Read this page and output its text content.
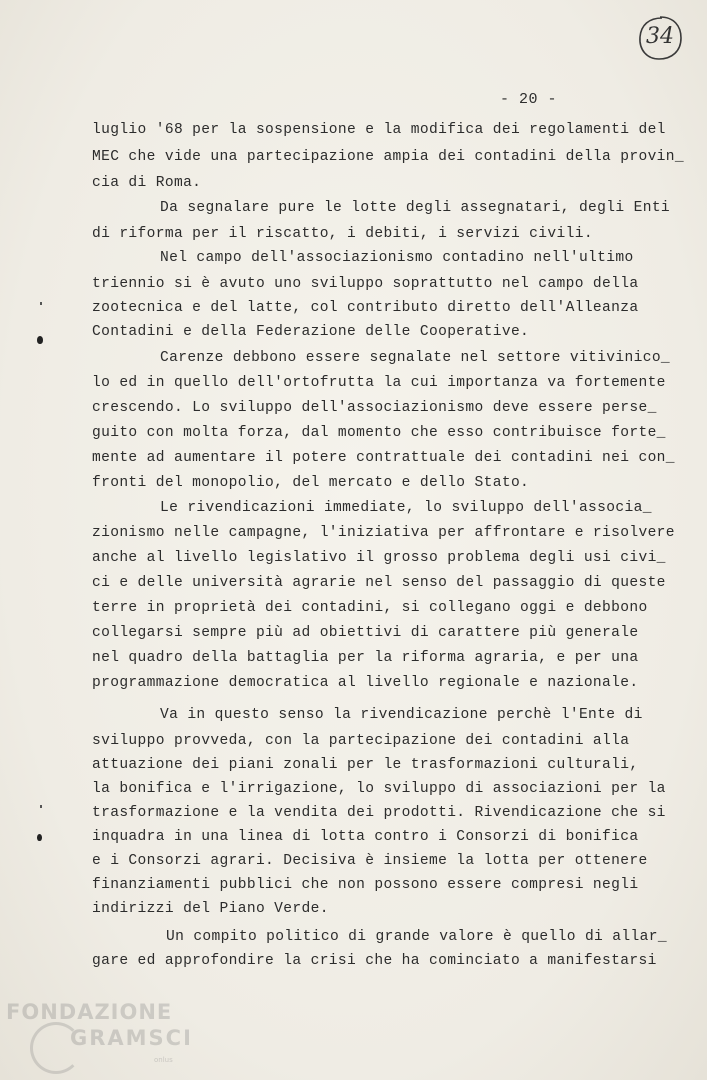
34
- 20 -
luglio '68 per la sospensione e la modifica dei regolamenti del
MEC che vide una partecipazione ampia dei contadini della provin_
cia di Roma.
Da segnalare pure le lotte degli assegnatari, degli Enti
di riforma per il riscatto, i debiti, i servizi civili.
Nel campo dell'associazionismo contadino nell'ultimo
triennio si è avuto uno sviluppo soprattutto nel campo della
zootecnica e del latte, col contributo diretto dell'Alleanza
Contadini e della Federazione delle Cooperative.
Carenze debbono essere segnalate nel settore vitivinico_
lo ed in quello dell'ortofrutta la cui importanza va fortemente
crescendo. Lo sviluppo dell'associazionismo deve essere perse_
guito con molta forza, dal momento che esso contribuisce forte_
mente ad aumentare il potere contrattuale dei contadini nei con_
fronti del monopolio, del mercato e dello Stato.
Le rivendicazioni immediate, lo sviluppo dell'associa_
zionismo nelle campagne, l'iniziativa per affrontare e risolvere
anche al livello legislativo il grosso problema degli usi civi_
ci e delle università agrarie nel senso del passaggio di queste
terre in proprietà dei contadini, si collegano oggi e debbono
collegarsi sempre più ad obiettivi di carattere più generale
nel quadro della battaglia per la riforma agraria, e per una
programmazione democratica al livello regionale e nazionale.
Va in questo senso la rivendicazione perchè l'Ente di
sviluppo provveda, con la partecipazione dei contadini alla
attuazione dei piani zonali per le trasformazioni culturali,
la bonifica e l'irrigazione, lo sviluppo di associazioni per la
trasformazione e la vendita dei prodotti. Rivendicazione che si
inquadra in una linea di lotta contro i Consorzi di bonifica
e i Consorzi agrari. Decisiva è insieme la lotta per ottenere
finanziamenti pubblici che non possono essere compresi negli
indirizzi del Piano Verde.
Un compito politico di grande valore è quello di allar_
gare ed approfondire la crisi che ha cominciato a manifestarsi
FONDAZIONE
GRAMSCI
onlus
